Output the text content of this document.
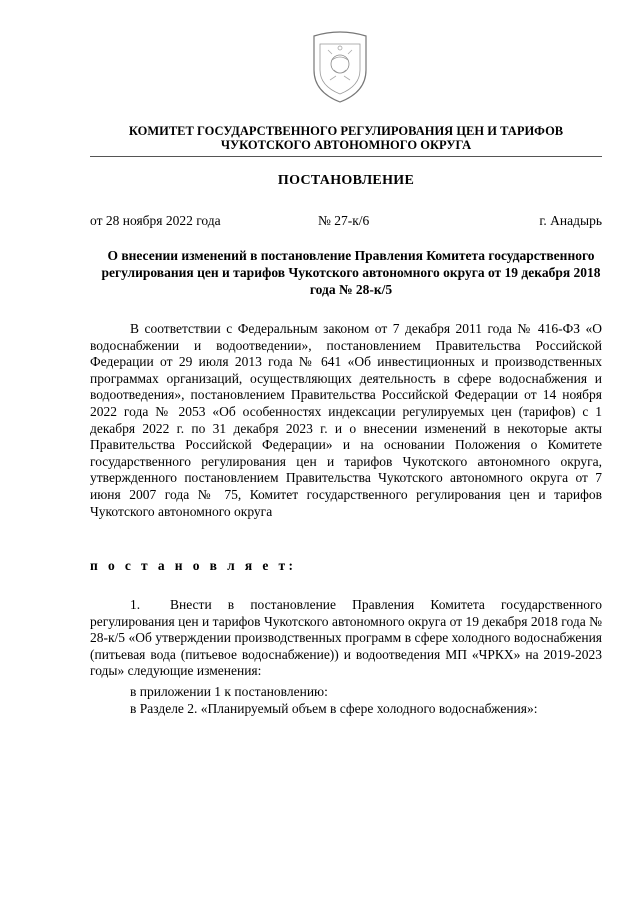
КОМИТЕТ ГОСУДАРСТВЕННОГО РЕГУЛИРОВАНИЯ ЦЕН И ТАРИФОВ
ЧУКОТСКОГО АВТОНОМНОГО ОКРУГА
ПОСТАНОВЛЕНИЕ
от 28 ноября 2022 года	№ 27-к/6	г. Анадырь
О внесении изменений в постановление Правления Комитета государственного регулирования цен и тарифов Чукотского автономного округа от 19 декабря 2018 года № 28-к/5
В соответствии с Федеральным законом от 7 декабря 2011 года № 416-ФЗ «О водоснабжении и водоотведении», постановлением Правительства Российской Федерации от 29 июля 2013 года № 641 «Об инвестиционных и производственных программах организаций, осуществляющих деятельность в сфере водоснабжения и водоотведения», постановлением Правительства Российской Федерации от 14 ноября 2022 года № 2053 «Об особенностях индексации регулируемых цен (тарифов) с 1 декабря 2022 г. по 31 декабря 2023 г. и о внесении изменений в некоторые акты Правительства Российской Федерации» и на основании Положения о Комитете государственного регулирования цен и тарифов Чукотского автономного округа, утвержденного постановлением Правительства Чукотского автономного округа от 7 июня 2007 года № 75, Комитет государственного регулирования цен и тарифов Чукотского автономного округа
п о с т а н о в л я е т:
1. Внести в постановление Правления Комитета государственного регулирования цен и тарифов Чукотского автономного округа от 19 декабря 2018 года № 28-к/5 «Об утверждении производственных программ в сфере холодного водоснабжения (питьевая вода (питьевое водоснабжение)) и водоотведения МП «ЧРКХ» на 2019-2023 годы» следующие изменения:
в приложении 1 к постановлению:
в Разделе 2. «Планируемый объем в сфере холодного водоснабжения»:
